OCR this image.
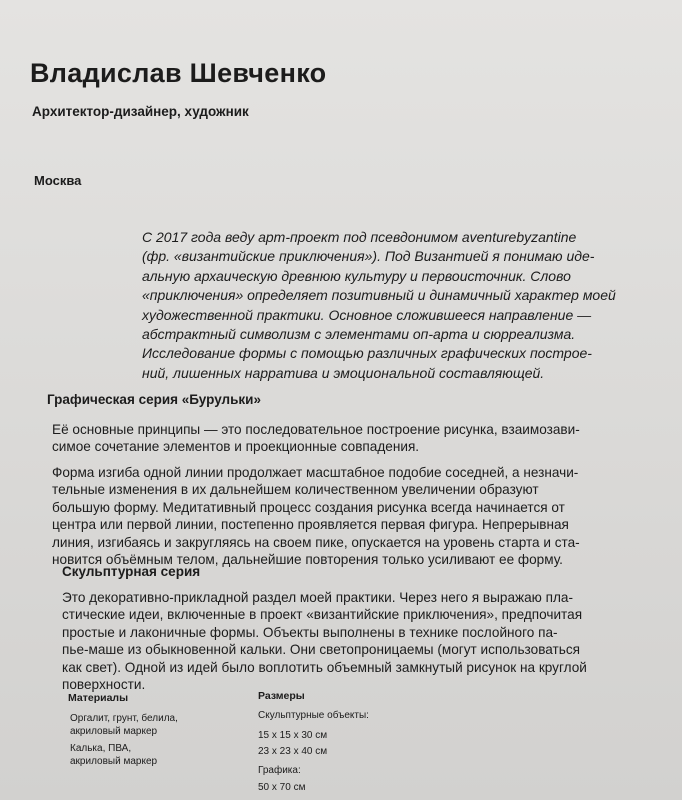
Владислав Шевченко

Архитектор-дизайнер, художник

Москва

С 2017 года веду арт-проект под псевдонимом aventurebyzantine
(фр. «византийские приключения»). Под Византией я понимаю иде-
альную архаическую древнюю культуру и первоисточник. Слово
«приключения» определяет позитивный и динамичный характер моей
художественной практики. Основное сложившееся направление —
абстрактный символизм с элементами оп-арта и сюрреализма.
Исследование формы с помощью различных графических построе-
ний, лишенных нарратива и эмоциональной составляющей.

Графическая серия «Бурульки»

Её основные принципы — это последовательное построение рисунка, взаимозави-
симое сочетание элементов и проекционные совпадения.

Форма изгиба одной линии продолжает масштабное подобие соседней, а незначи-
тельные изменения в их дальнейшем количественном увеличении образуют
большую форму. Медитативный процесс создания рисунка всегда начинается от
центра или первой линии, постепенно проявляется первая фигура. Непрерывная
линия, изгибаясь и закругляясь на своем пике, опускается на уровень старта и ста-
новится объёмным телом, дальнейшие повторения только усиливают ее форму.

Скульптурная серия

Это декоративно-прикладной раздел моей практики. Через него я выражаю пла-
стические идеи, включенные в проект «византийские приключения», предпочитая
простые и лаконичные формы. Объекты выполнены в технике послойного па-
пье-маше из обыкновенной кальки. Они светопроницаемы (могут использоваться
как свет). Одной из идей было воплотить объемный замкнутый рисунок на круглой
поверхности.

Материалы

Оргалит, грунт, белила,
акриловый маркер

Калька, ПВА,
акриловый маркер

Размеры

Скульптурные объекты:

15 х 15 х 30 см

23 х 23 х 40 см

Графика:

50 х 70 см
